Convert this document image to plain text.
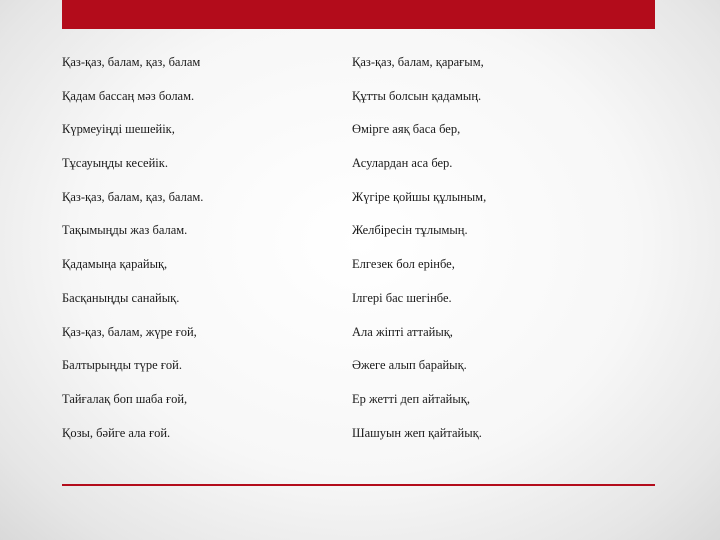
Қаз-қаз, балам, қаз, балам
Қадам бассаң мәз болам.
Күрмеуіңді шешейік,
Тұсауыңды кесейік.
Қаз-қаз, балам, қаз, балам.
Тақымыңды жаз балам.
Қадамыңа қарайық,
Басқаныңды санайық.
Қаз-қаз, балам, жүре ғой,
Балтырыңды түре ғой.
Тайғалақ боп шаба ғой,
Қозы, бәйге ала ғой.
Қаз-қаз, балам, қарағым,
Құтты болсын қадамың.
Өмірге аяқ баса бер,
Асулардан аса бер.
Жүгіре қойшы құлыным,
Желбіресін тұлымың.
Елгезек бол ерінбе,
Ілгері бас шегінбе.
Ала жіпті аттайық,
Әжеге алып барайық.
Ер жетті деп айтайық,
Шашуын жеп қайтайық.
